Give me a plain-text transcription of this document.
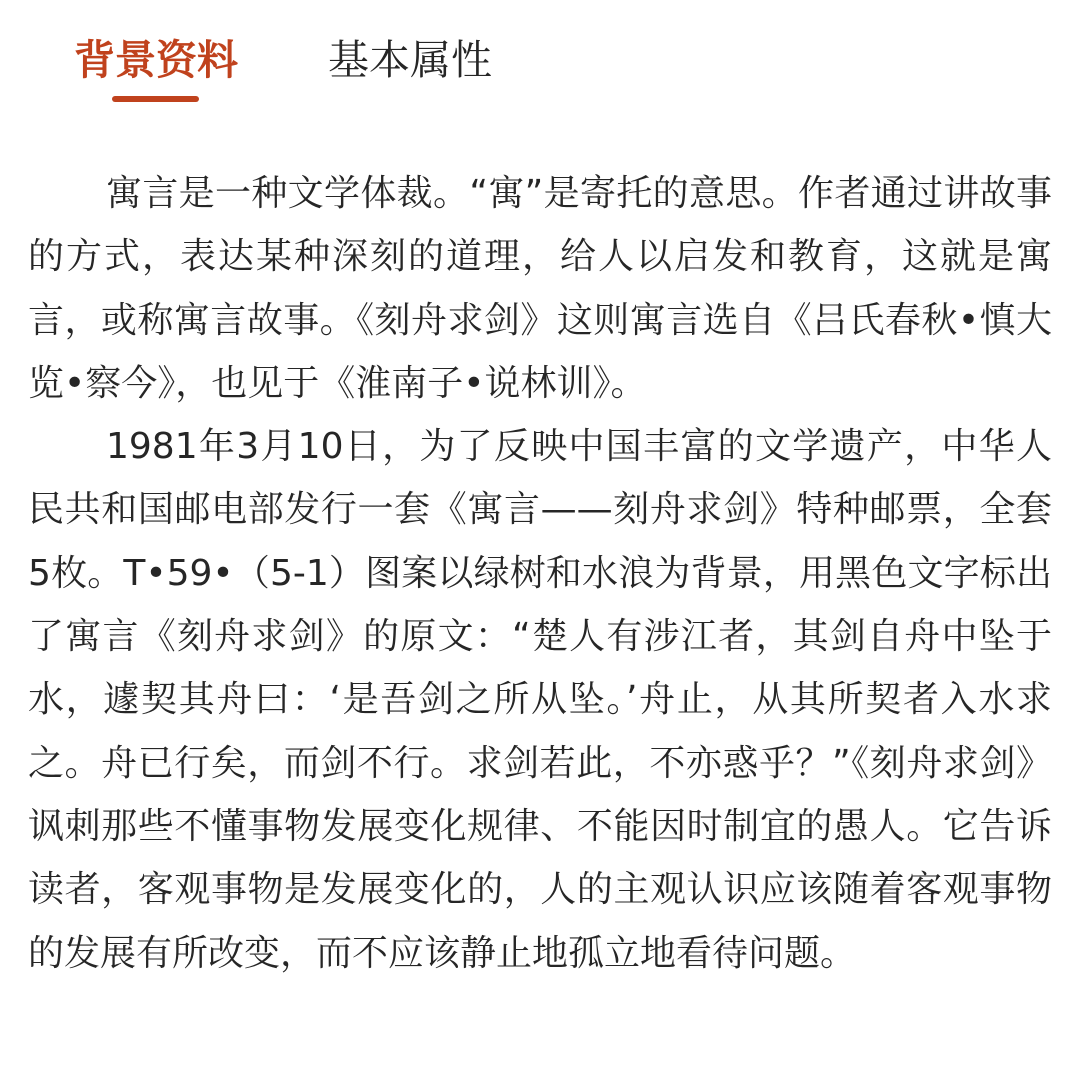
背景资料 基本属性

寓言是一种文学体裁。“寓”是寄托的意思。作者通过讲故事的方式，表达某种深刻的道理，给人以启发和教育，这就是寓言，或称寓言故事。《刻舟求剑》这则寓言选自《吕氏春秋•慎大览•察今》，也见于《淮南子•说林训》。

1981年3月10日，为了反映中国丰富的文学遗产，中华人民共和国邮电部发行一套《寓言——刻舟求剑》特种邮票，全套5枚。T•59•（5-1）图案以绿树和水浪为背景，用黑色文字标出了寓言《刻舟求剑》的原文：“楚人有涉江者，其剑自舟中坠于水，遽契其舟曰：‘是吾剑之所从坠。’舟止，从其所契者入水求之。舟已行矣，而剑不行。求剑若此，不亦惑乎？”《刻舟求剑》讽刺那些不懂事物发展变化规律、不能因时制宜的愚人。它告诉读者，客观事物是发展变化的，人的主观认识应该随着客观事物的发展有所改变，而不应该静止地孤立地看待问题。
